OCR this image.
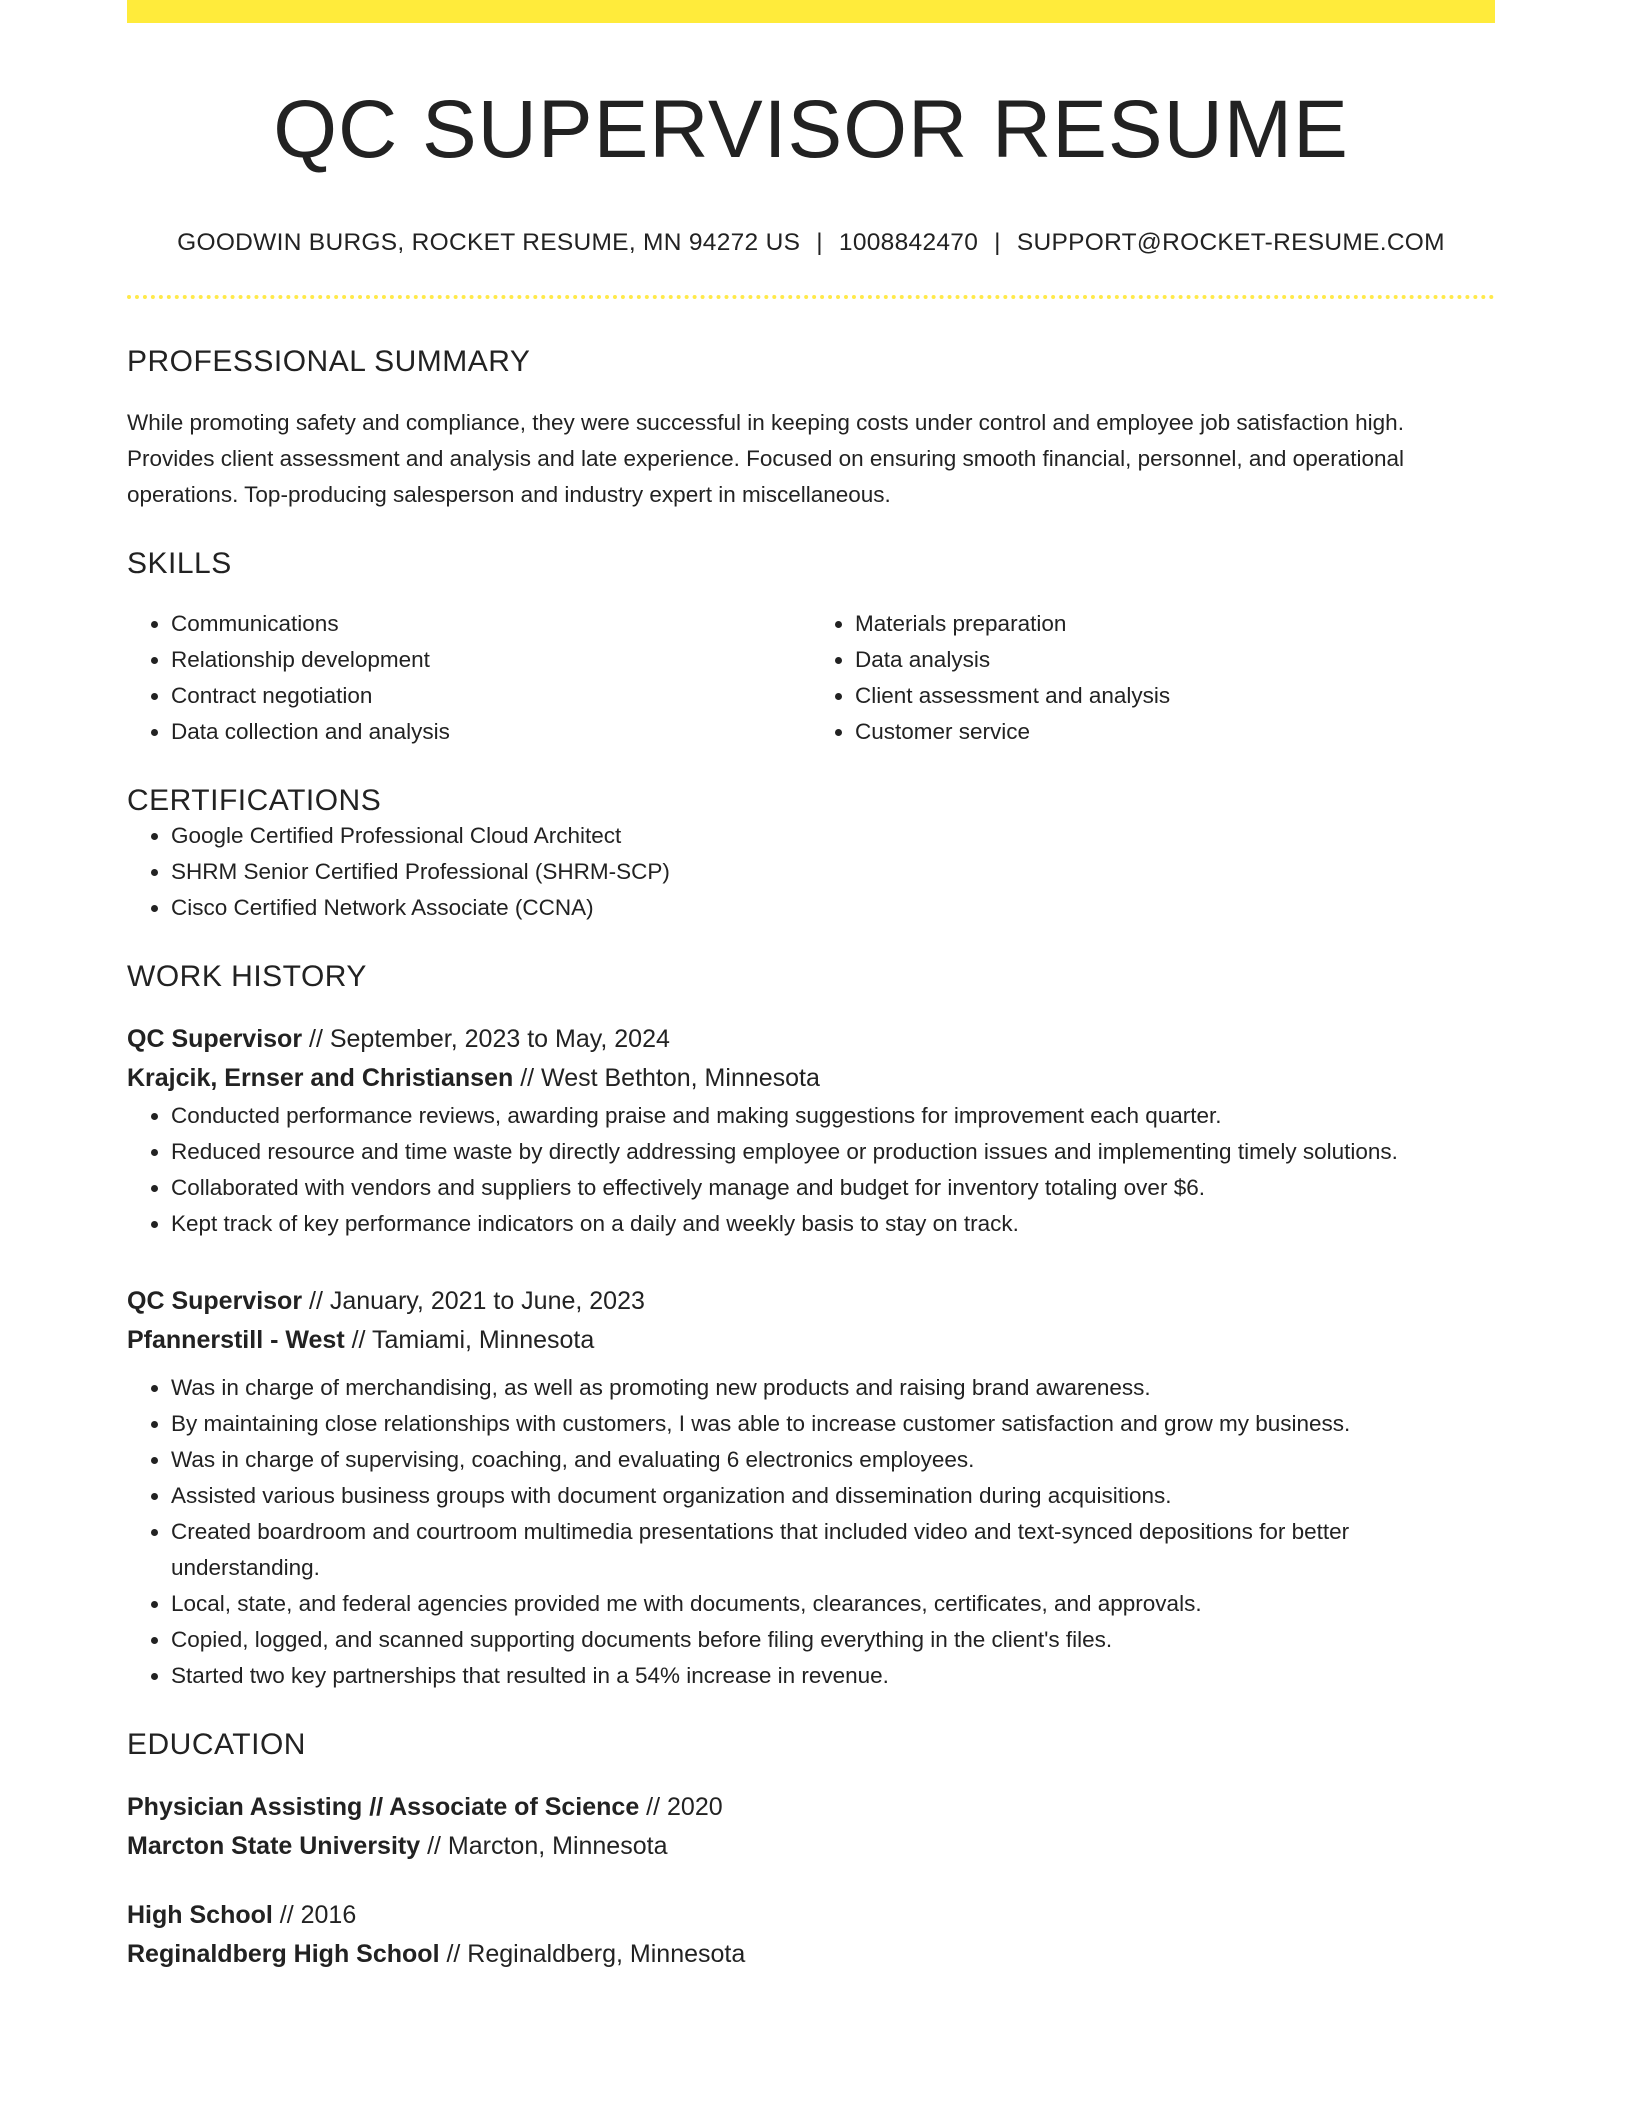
QC SUPERVISOR RESUME
GOODWIN BURGS, ROCKET RESUME, MN 94272 US | 1008842470 | SUPPORT@ROCKET-RESUME.COM
PROFESSIONAL SUMMARY
While promoting safety and compliance, they were successful in keeping costs under control and employee job satisfaction high. Provides client assessment and analysis and late experience. Focused on ensuring smooth financial, personnel, and operational operations. Top-producing salesperson and industry expert in miscellaneous.
SKILLS
• Communications
• Relationship development
• Contract negotiation
• Data collection and analysis
• Materials preparation
• Data analysis
• Client assessment and analysis
• Customer service
CERTIFICATIONS
• Google Certified Professional Cloud Architect
• SHRM Senior Certified Professional (SHRM-SCP)
• Cisco Certified Network Associate (CCNA)
WORK HISTORY
QC Supervisor // September, 2023 to May, 2024
Krajcik, Ernser and Christiansen // West Bethton, Minnesota
• Conducted performance reviews, awarding praise and making suggestions for improvement each quarter.
• Reduced resource and time waste by directly addressing employee or production issues and implementing timely solutions.
• Collaborated with vendors and suppliers to effectively manage and budget for inventory totaling over $6.
• Kept track of key performance indicators on a daily and weekly basis to stay on track.
QC Supervisor // January, 2021 to June, 2023
Pfannerstill - West // Tamiami, Minnesota
• Was in charge of merchandising, as well as promoting new products and raising brand awareness.
• By maintaining close relationships with customers, I was able to increase customer satisfaction and grow my business.
• Was in charge of supervising, coaching, and evaluating 6 electronics employees.
• Assisted various business groups with document organization and dissemination during acquisitions.
• Created boardroom and courtroom multimedia presentations that included video and text-synced depositions for better understanding.
• Local, state, and federal agencies provided me with documents, clearances, certificates, and approvals.
• Copied, logged, and scanned supporting documents before filing everything in the client's files.
• Started two key partnerships that resulted in a 54% increase in revenue.
EDUCATION
Physician Assisting // Associate of Science // 2020
Marcton State University // Marcton, Minnesota
High School // 2016
Reginaldberg High School // Reginaldberg, Minnesota
